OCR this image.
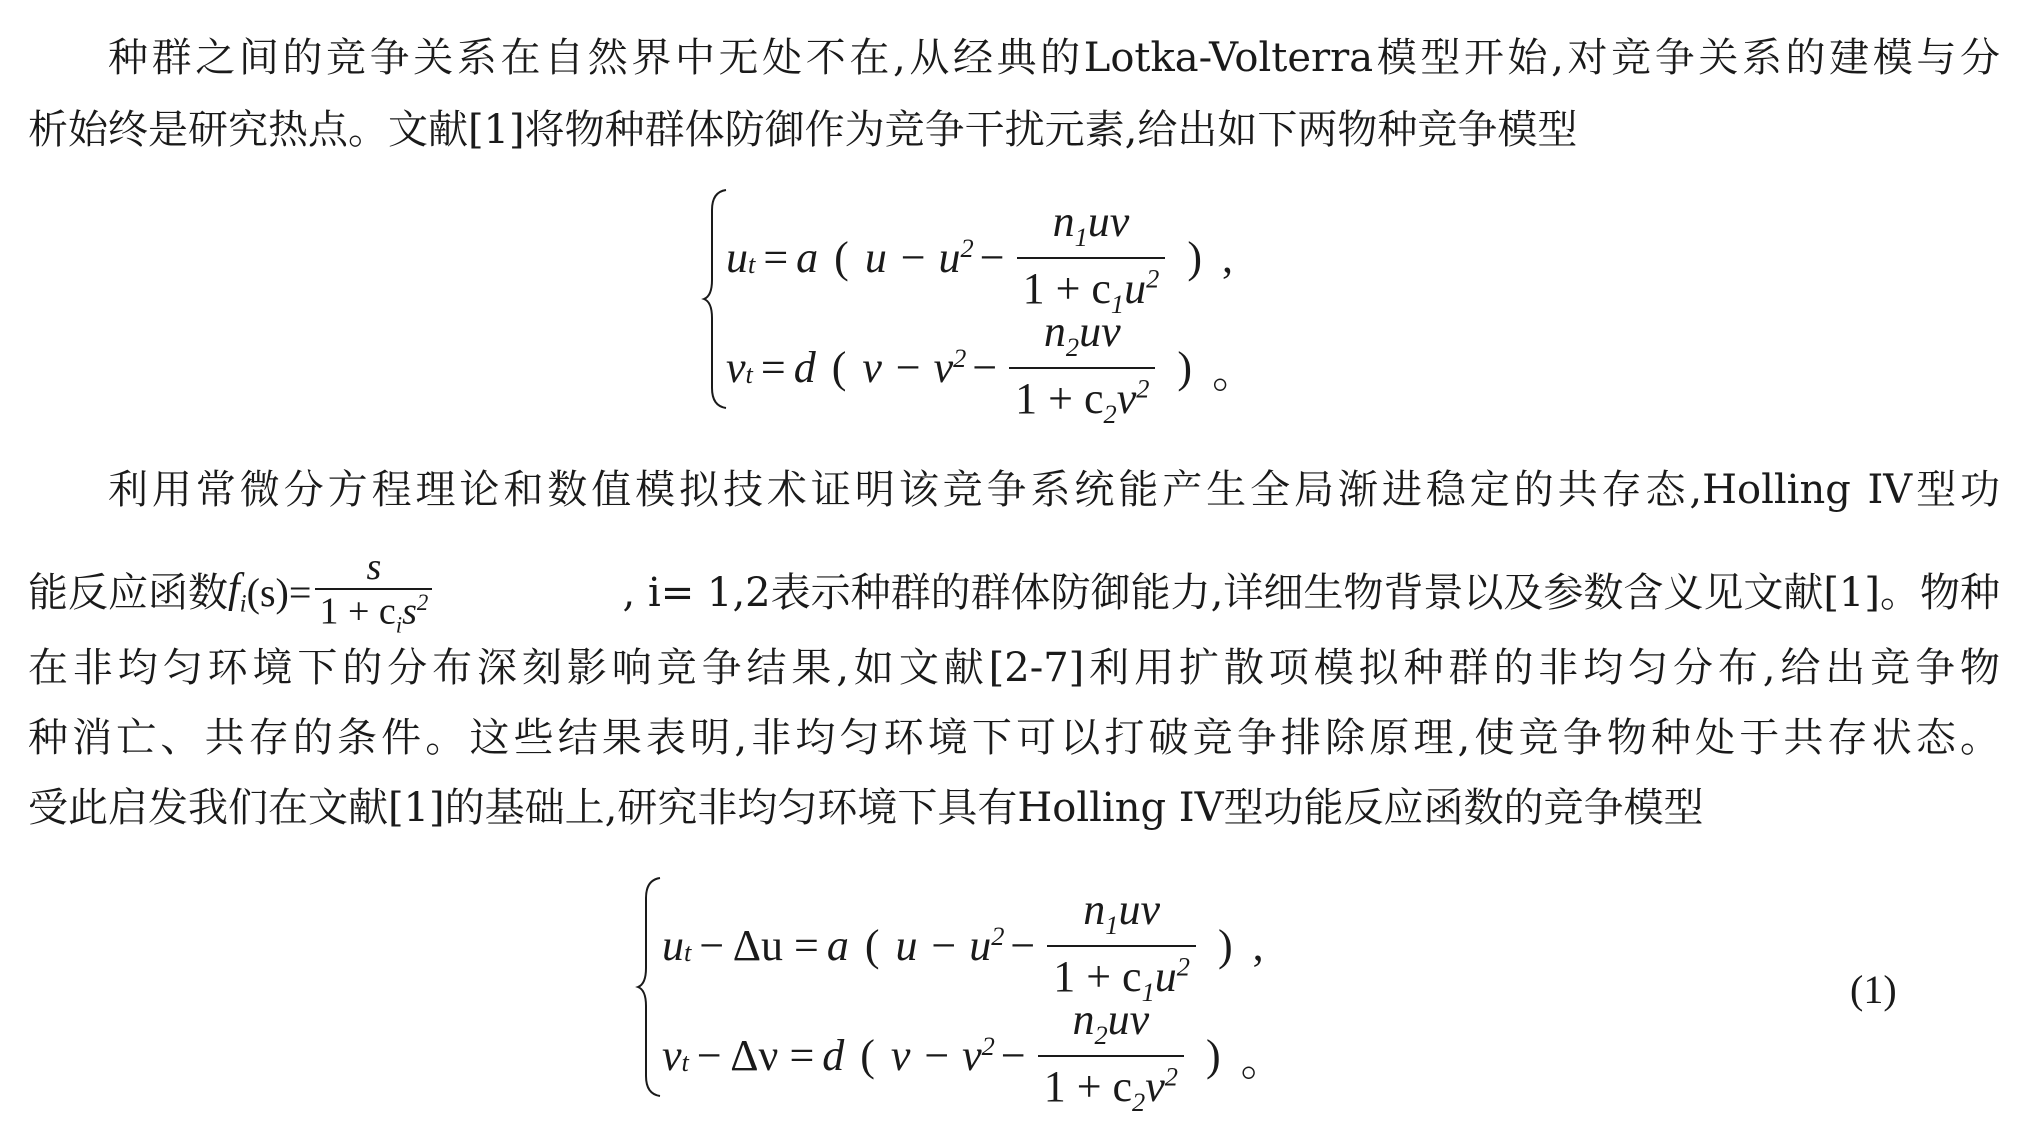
种群之间的竞争关系在自然界中无处不在,从经典的Lotka-Volterra模型开始,对竞争关系的建模与分
析始终是研究热点。文献[1]将物种群体防御作为竞争干扰元素,给出如下两物种竞争模型
u t = a ( $u - u^2 - \frac{n_1uv}{1 + c_1u^2}$ ) ,
v t = d ( $v - v^2 - \frac{n_2uv}{1 + c_2v^2}$ ) 。
利用常微分方程理论和数值模拟技术证明该竞争系统能产生全局渐进稳定的共存态,Holling IV型功
能反应函数 $f_i$ $(s)= \frac{s}{1 + c_is^2}$	, i= 1,2表示种群的群体防御能力,详细生物背景以及参数含义见文献[1]。物种
在非均匀环境下的分布深刻影响竞争结果,如文献[2-7]利用扩散项模拟种群的非均匀分布,给出竞争物
种消亡、共存的条件。这些结果表明,非均匀环境下可以打破竞争排除原理,使竞争物种处于共存状态。
受此启发我们在文献[1]的基础上,研究非均匀环境下具有Holling IV型功能反应函数的竞争模型
u t − Δu = a ( $u - u^2 - \frac{n_1u\nu}{1 + c_1u^2}$ ) ,
ν t − Δν = d ( $\nu - \nu^2 - \frac{n_2u\nu}{1 + c_2\nu^2}$ ) 。
(1)
